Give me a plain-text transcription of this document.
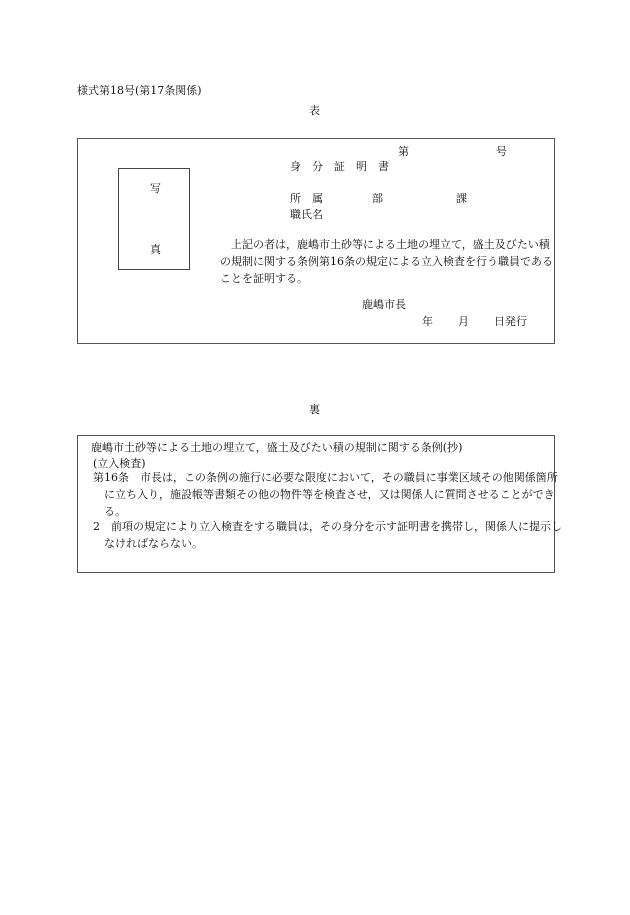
様式第18号(第17条関係)
表
第	号
身　分　証　明　書
写
真
所　属	部	課
職氏名
上記の者は，鹿嶋市土砂等による土地の埋立て，盛土及びたい積の規制に関する条例第16条の規定による立入検査を行う職員であることを証明する。
鹿嶋市長
年 月 日発行
裏
鹿嶋市土砂等による土地の埋立て，盛土及びたい積の規制に関する条例(抄)
(立入検査)
第16条　市長は，この条例の施行に必要な限度において，その職員に事業区域その他関係箇所に立ち入り，施設帳等書類その他の物件等を検査させ，又は関係人に質問させることができる。
2　前項の規定により立入検査をする職員は，その身分を示す証明書を携帯し，関係人に提示しなければならない。
